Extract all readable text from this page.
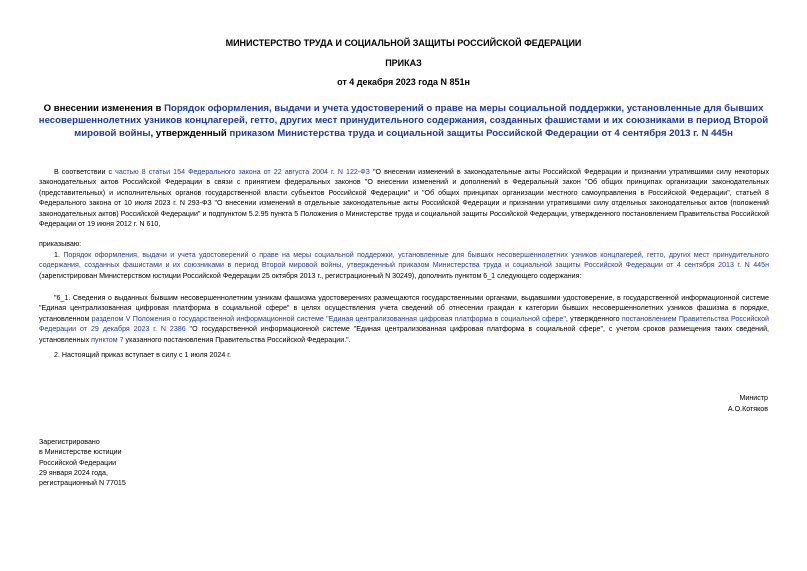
МИНИСТЕРСТВО ТРУДА И СОЦИАЛЬНОЙ ЗАЩИТЫ РОССИЙСКОЙ ФЕДЕРАЦИИ
ПРИКАЗ
от 4 декабря 2023 года N 851н
О внесении изменения в Порядок оформления, выдачи и учета удостоверений о праве на меры социальной поддержки, установленные для бывших несовершеннолетних узников концлагерей, гетто, других мест принудительного содержания, созданных фашистами и их союзниками в период Второй мировой войны, утвержденный приказом Министерства труда и социальной защиты Российской Федерации от 4 сентября 2013 г. N 445н
В соответствии с частью 8 статьи 154 Федерального закона от 22 августа 2004 г. N 122-ФЗ "О внесении изменений в законодательные акты Российской Федерации и признании утратившими силу некоторых законодательных актов Российской Федерации в связи с принятием федеральных законов "О внесении изменений и дополнений в Федеральный закон "Об общих принципах организации законодательных (представительных) и исполнительных органов государственной власти субъектов Российской Федерации" и "Об общих принципах организации местного самоуправления в Российской Федерации", статьей 8 Федерального закона от 10 июля 2023 г. N 293-ФЗ "О внесении изменений в отдельные законодательные акты Российской Федерации и признании утратившими силу отдельных законодательных актов (положений законодательных актов) Российской Федерации" и подпунктом 5.2.95 пункта 5 Положения о Министерстве труда и социальной защиты Российской Федерации, утвержденного постановлением Правительства Российской Федерации от 19 июня 2012 г. N 610,
приказываю:
1. Порядок оформления, выдачи и учета удостоверений о праве на меры социальной поддержки, установленные для бывших несовершеннолетних узников концлагерей, гетто, других мест принудительного содержания, созданных фашистами и их союзниками в период Второй мировой войны, утвержденный приказом Министерства труда и социальной защиты Российской Федерации от 4 сентября 2013 г. N 445н (зарегистрирован Министерством юстиции Российской Федерации 25 октября 2013 г., регистрационный N 30249), дополнить пунктом 6_1 следующего содержания:
"6_1. Сведения о выданных бывшим несовершеннолетним узникам фашизма удостоверениях размещаются государственными органами, выдавшими удостоверение, в государственной информационной системе "Единая централизованная цифровая платформа в социальной сфере" в целях осуществления учета сведений об отнесении граждан к категории бывших несовершеннолетних узников фашизма в порядке, установленном разделом V Положения о государственной информационной системе "Единая централизованная цифровая платформа в социальной сфере", утвержденного постановлением Правительства Российской Федерации от 29 декабря 2023 г. N 2386 "О государственной информационной системе "Единая централизованная цифровая платформа в социальной сфере", с учетом сроков размещения таких сведений, установленных пунктом 7 указанного постановления Правительства Российской Федерации.".
2. Настоящий приказ вступает в силу с 1 июля 2024 г.
Министр
А.О.Котяков
Зарегистрировано
в Министерстве юстиции
Российской Федерации
29 января 2024 года,
регистрационный N 77015
